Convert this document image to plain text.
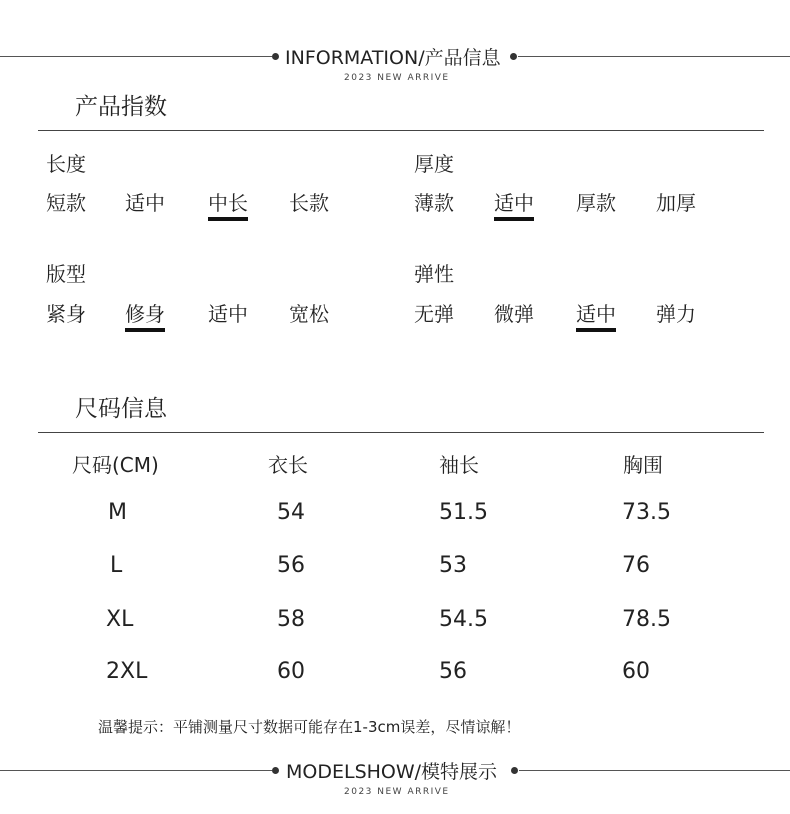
INFORMATION/产品信息
2023 NEW ARRIVE
产品指数
长度
短款 适中 中长 长款
厚度
薄款 适中 厚款 加厚
版型
紧身 修身 适中 宽松
弹性
无弹 微弹 适中 弹力
尺码信息
尺码(CM)	衣长	袖长	胸围
M	54	51.5	73.5
L	56	53	76
XL	58	54.5	78.5
2XL	60	56	60
温馨提示：平铺测量尺寸数据可能存在1-3cm误差，尽情谅解！
MODELSHOW/模特展示
2023 NEW ARRIVE
